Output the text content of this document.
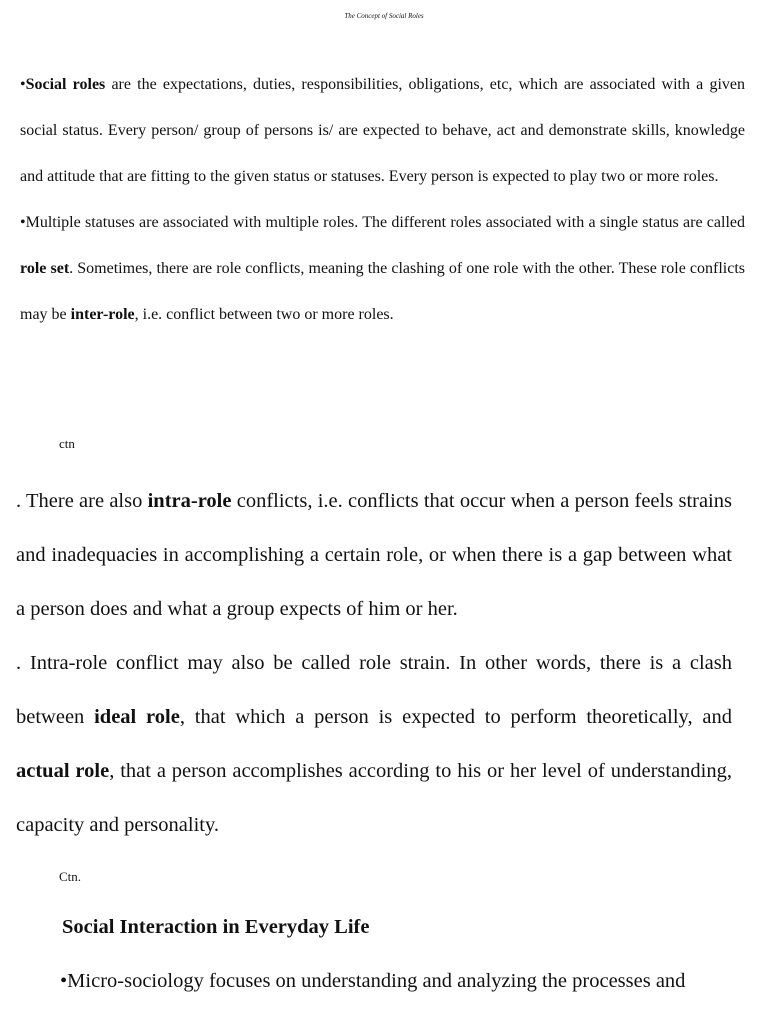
The Concept of Social Roles

•Social roles are the expectations, duties, responsibilities, obligations, etc, which are associated with a given social status. Every person/ group of persons is/ are expected to behave, act and demonstrate skills, knowledge and attitude that are fitting to the given status or statuses. Every person is expected to play two or more roles.

•Multiple statuses are associated with multiple roles. The different roles associated with a single status are called role set. Sometimes, there are role conflicts, meaning the clashing of one role with the other. These role conflicts may be inter-role, i.e. conflict between two or more roles.

ctn

. There are also intra-role conflicts, i.e. conflicts that occur when a person feels strains and inadequacies in accomplishing a certain role, or when there is a gap between what a person does and what a group expects of him or her.

. Intra-role conflict may also be called role strain. In other words, there is a clash between ideal role, that which a person is expected to perform theoretically, and actual role, that a person accomplishes according to his or her level of understanding, capacity and personality.

Ctn.
Social Interaction in Everyday Life
•Micro-sociology focuses on understanding and analyzing the processes and
